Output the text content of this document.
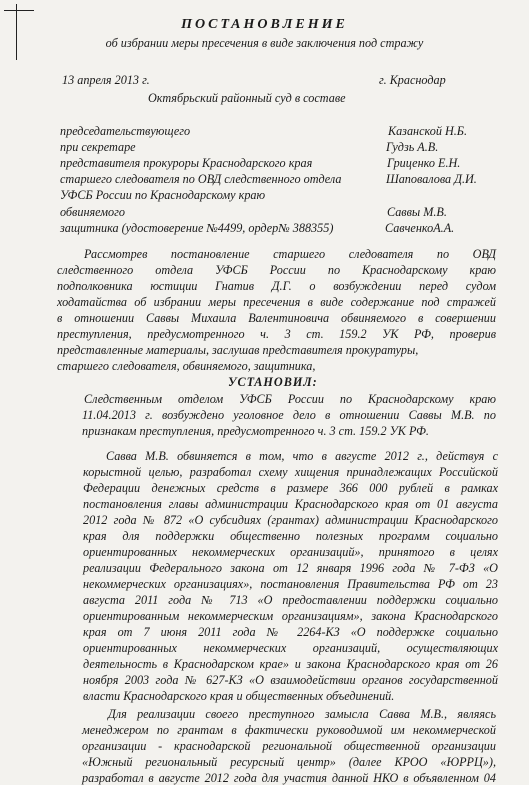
ПОСТАНОВЛЕНИЕ
об избрании меры пресечения в виде заключения под стражу
13 апреля 2013 г.	г. Краснодар
Октябрьский районный суд в составе
председательствующего	Казанской Н.Б.
при секретаре	Гудзь А.В.
представителя прокуроры Краснодарского края	Гриценко Е.Н.
старшего следователя по ОВД следственного отдела	Шаповалова Д.И.
УФСБ России по Краснодарскому краю
обвиняемого	Саввы М.В.
защитника (удостоверение №4499, ордер№ 388355)	СавченкоА.А.
Рассмотрев постановление старшего следователя по ОВД
следственного отдела УФСБ России по Краснодарскому краю
подполковника юстиции Гнатив Д.Г. о возбуждении перед судом
ходатайства об избрании меры пресечения в виде содержание под стражей
в отношении Саввы Михаила Валентиновича обвиняемого в совершении
преступления, предусмотренного ч. 3 ст. 159.2 УК РФ, проверив
представленные материалы, заслушав представителя прокуратуры,
старшего следователя, обвиняемого, защитника,
УСТАНОВИЛ:
Следственным отделом УФСБ России по Краснодарскому краю
11.04.2013 г. возбуждено уголовное дело в отношении Саввы М.В. по
признакам преступления, предусмотренного ч. 3 ст. 159.2 УК РФ.
Савва М.В. обвиняется в том, что в августе 2012 г., действуя с
корыстной целью, разработал схему хищения принадлежащих Российской
Федерации денежных средств в размере 366 000 рублей в рамках
постановления главы администрации Краснодарского края от 01 августа
2012 года № 872 «О субсидиях (грантах) администрации Краснодарского
края для поддержки общественно полезных программ социально
ориентированных некоммерческих организаций», принятого в целях
реализации Федерального закона от 12 января 1996 года № 7-ФЗ «О
некоммерческих организациях», постановления Правительства РФ от 23
августа 2011 года № 713 «О предоставлении поддержки социально
ориентированным некоммерческим организациям», закона Краснодарского
края от 7 июня 2011 года № 2264-КЗ «О поддержке социально
ориентированных некоммерческих организаций, осуществляющих
деятельность в Краснодарском крае» и закона Краснодарского края от 26
ноября 2003 года № 627-КЗ «О взаимодействии органов государственной
власти Краснодарского края и общественных объединений.
Для реализации своего преступного замысла Савва М.В., являясь
менеджером по грантам в фактически руководимой им некоммерческой
организации - краснодарской региональной общественной организации
«Южный региональный ресурсный центр» (далее КРОО «ЮРРЦ»),
разработал в августе 2012 года для участия данной НКО в объявленном 04
